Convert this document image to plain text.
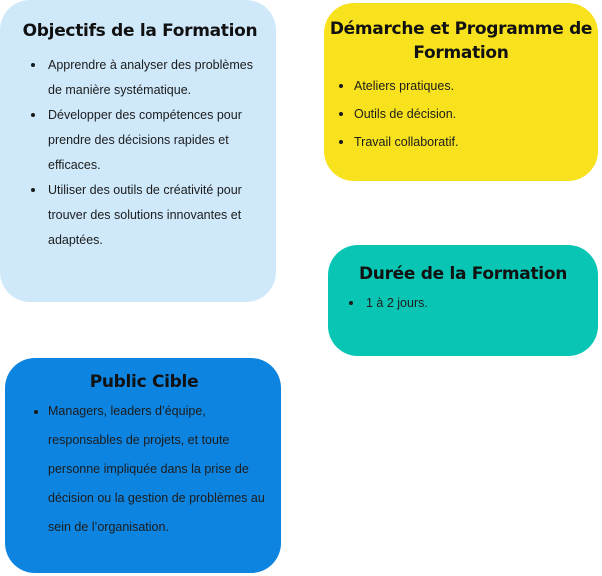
Objectifs de la Formation
Apprendre à analyser des problèmes de manière systématique.
Développer des compétences pour prendre des décisions rapides et efficaces.
Utiliser des outils de créativité pour trouver des solutions innovantes et adaptées.
Démarche et Programme de Formation
Ateliers pratiques.
Outils de décision.
Travail collaboratif.
Durée de la Formation
1 à 2 jours.
Public Cible
Managers, leaders d’équipe, responsables de projets, et toute personne impliquée dans la prise de décision ou la gestion de problèmes au sein de l’organisation.
